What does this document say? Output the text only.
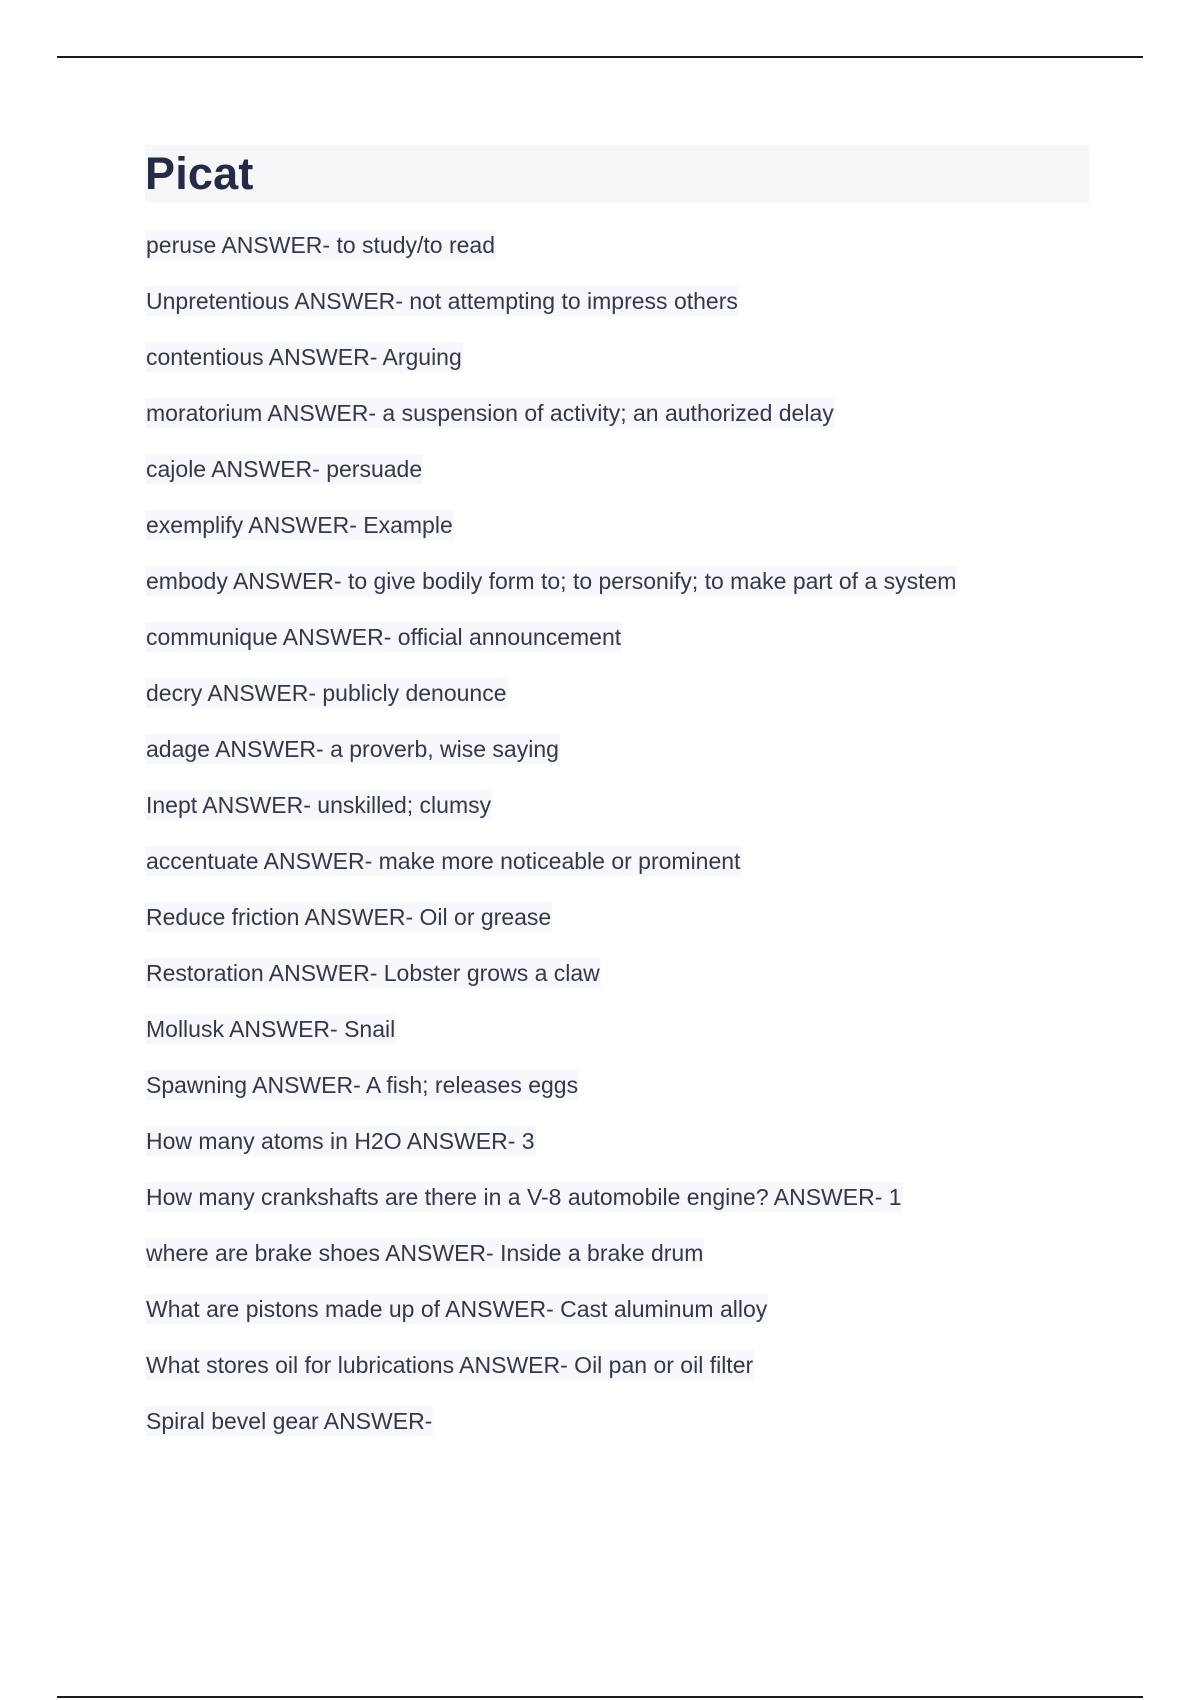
Picat
peruse ANSWER- to study/to read
Unpretentious ANSWER- not attempting to impress others
contentious ANSWER- Arguing
moratorium ANSWER- a suspension of activity; an authorized delay
cajole ANSWER- persuade
exemplify ANSWER- Example
embody ANSWER- to give bodily form to; to personify; to make part of a system
communique ANSWER- official announcement
decry ANSWER- publicly denounce
adage ANSWER- a proverb, wise saying
Inept ANSWER- unskilled; clumsy
accentuate ANSWER- make more noticeable or prominent
Reduce friction ANSWER- Oil or grease
Restoration ANSWER- Lobster grows a claw
Mollusk ANSWER- Snail
Spawning ANSWER- A fish; releases eggs
How many atoms in H2O ANSWER- 3
How many crankshafts are there in a V-8 automobile engine? ANSWER- 1
where are brake shoes ANSWER- Inside a brake drum
What are pistons made up of ANSWER- Cast aluminum alloy
What stores oil for lubrications ANSWER- Oil pan or oil filter
Spiral bevel gear ANSWER-
